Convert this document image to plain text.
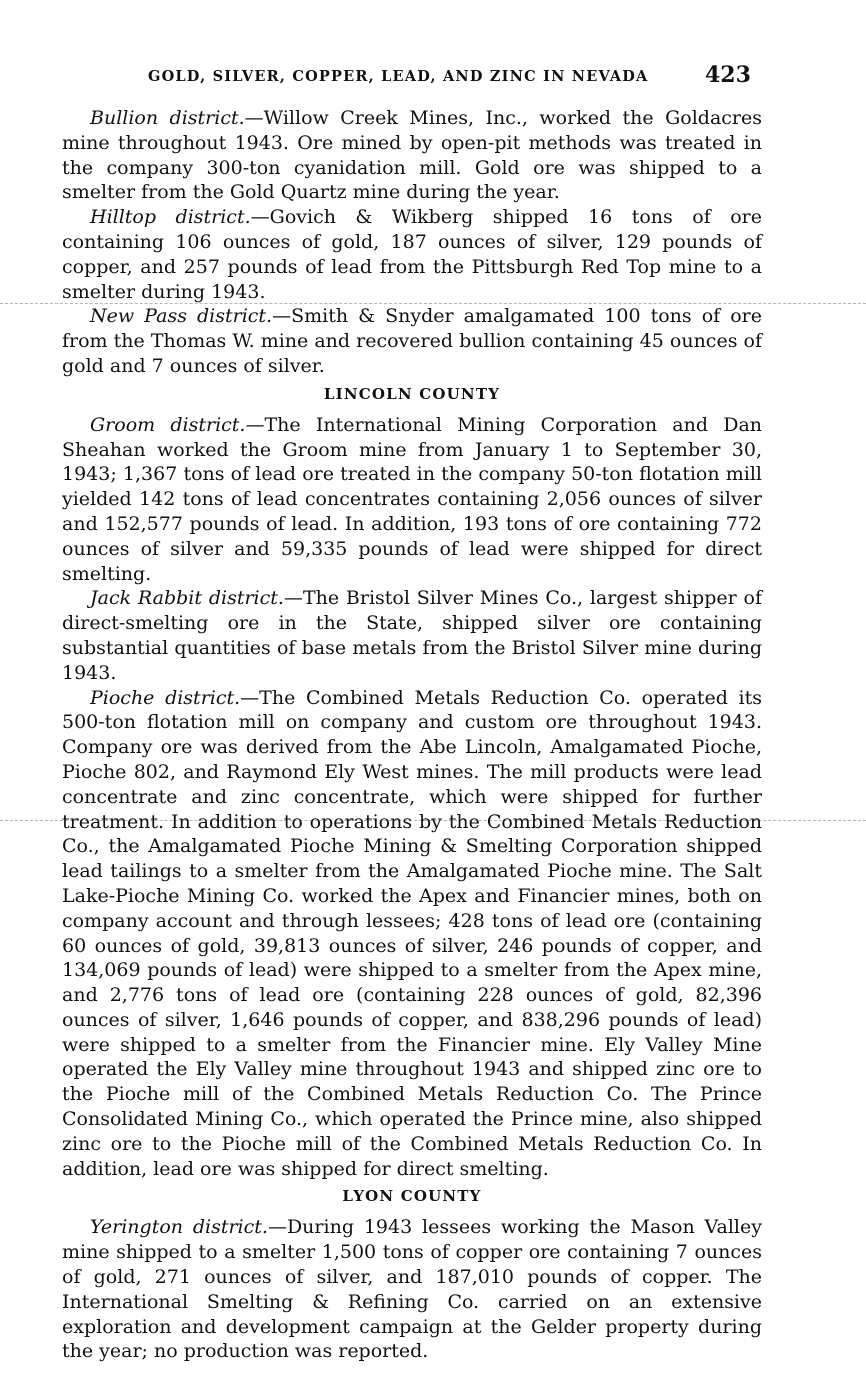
GOLD, SILVER, COPPER, LEAD, AND ZINC IN NEVADA	423

Bullion district.—Willow Creek Mines, Inc., worked the Goldacres mine throughout 1943. Ore mined by open-pit methods was treated in the company 300-ton cyanidation mill. Gold ore was shipped to a smelter from the Gold Quartz mine during the year.

Hilltop district.—Govich & Wikberg shipped 16 tons of ore containing 106 ounces of gold, 187 ounces of silver, 129 pounds of copper, and 257 pounds of lead from the Pittsburgh Red Top mine to a smelter during 1943.

New Pass district.—Smith & Snyder amalgamated 100 tons of ore from the Thomas W. mine and recovered bullion containing 45 ounces of gold and 7 ounces of silver.

LINCOLN COUNTY

Groom district.—The International Mining Corporation and Dan Sheahan worked the Groom mine from January 1 to September 30, 1943; 1,367 tons of lead ore treated in the company 50-ton flotation mill yielded 142 tons of lead concentrates containing 2,056 ounces of silver and 152,577 pounds of lead. In addition, 193 tons of ore containing 772 ounces of silver and 59,335 pounds of lead were shipped for direct smelting.

Jack Rabbit district.—The Bristol Silver Mines Co., largest shipper of direct-smelting ore in the State, shipped silver ore containing substantial quantities of base metals from the Bristol Silver mine during 1943.

Pioche district.—The Combined Metals Reduction Co. operated its 500-ton flotation mill on company and custom ore throughout 1943. Company ore was derived from the Abe Lincoln, Amalgamated Pioche, Pioche 802, and Raymond Ely West mines. The mill products were lead concentrate and zinc concentrate, which were shipped for further treatment. In addition to operations by the Combined Metals Reduction Co., the Amalgamated Pioche Mining & Smelting Corporation shipped lead tailings to a smelter from the Amalgamated Pioche mine. The Salt Lake-Pioche Mining Co. worked the Apex and Financier mines, both on company account and through lessees; 428 tons of lead ore (containing 60 ounces of gold, 39,813 ounces of silver, 246 pounds of copper, and 134,069 pounds of lead) were shipped to a smelter from the Apex mine, and 2,776 tons of lead ore (containing 228 ounces of gold, 82,396 ounces of silver, 1,646 pounds of copper, and 838,296 pounds of lead) were shipped to a smelter from the Financier mine. Ely Valley Mine operated the Ely Valley mine throughout 1943 and shipped zinc ore to the Pioche mill of the Combined Metals Reduction Co. The Prince Consolidated Mining Co., which operated the Prince mine, also shipped zinc ore to the Pioche mill of the Combined Metals Reduction Co. In addition, lead ore was shipped for direct smelting.

LYON COUNTY

Yerington district.—During 1943 lessees working the Mason Valley mine shipped to a smelter 1,500 tons of copper ore containing 7 ounces of gold, 271 ounces of silver, and 187,010 pounds of copper. The International Smelting & Refining Co. carried on an extensive exploration and development campaign at the Gelder property during the year; no production was reported.
